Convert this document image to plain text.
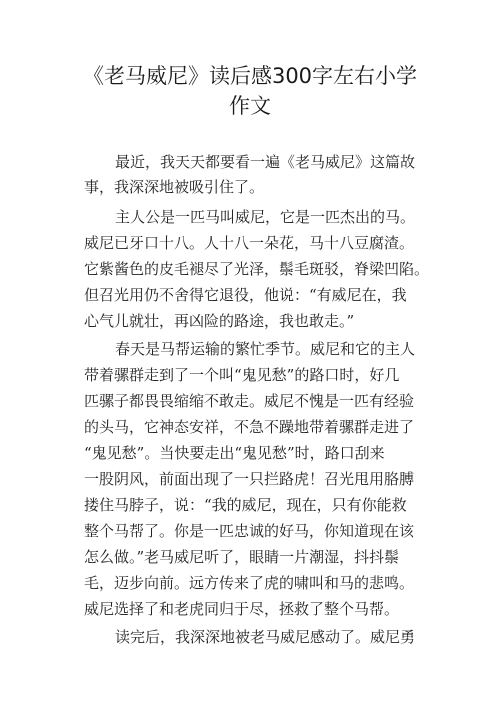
《老马威尼》读后感300字左右小学
作文
最近，我天天都要看一遍《老马威尼》这篇故
事，我深深地被吸引住了。
主人公是一匹马叫威尼，它是一匹杰出的马。
威尼已牙口十八。人十八一朵花，马十八豆腐渣。
它紫酱色的皮毛褪尽了光泽，鬃毛斑驳，脊梁凹陷。
但召光用仍不舍得它退役，他说：“有威尼在，我
心气儿就壮，再凶险的路途，我也敢走。”
春天是马帮运输的繁忙季节。威尼和它的主人
带着骡群走到了一个叫“鬼见愁”的路口时，好几
匹骡子都畏畏缩缩不敢走。威尼不愧是一匹有经验
的头马，它神态安祥，不急不躁地带着骡群走进了
“鬼见愁”。当快要走出“鬼见愁”时，路口刮来
一股阴风，前面出现了一只拦路虎！召光甩用胳膊
搂住马脖子，说：“我的威尼，现在，只有你能救
整个马帮了。你是一匹忠诚的好马，你知道现在该
怎么做。”老马威尼听了，眼睛一片潮湿，抖抖鬃
毛，迈步向前。远方传来了虎的啸叫和马的悲鸣。
威尼选择了和老虎同归于尽，拯救了整个马帮。
读完后，我深深地被老马威尼感动了。威尼勇
